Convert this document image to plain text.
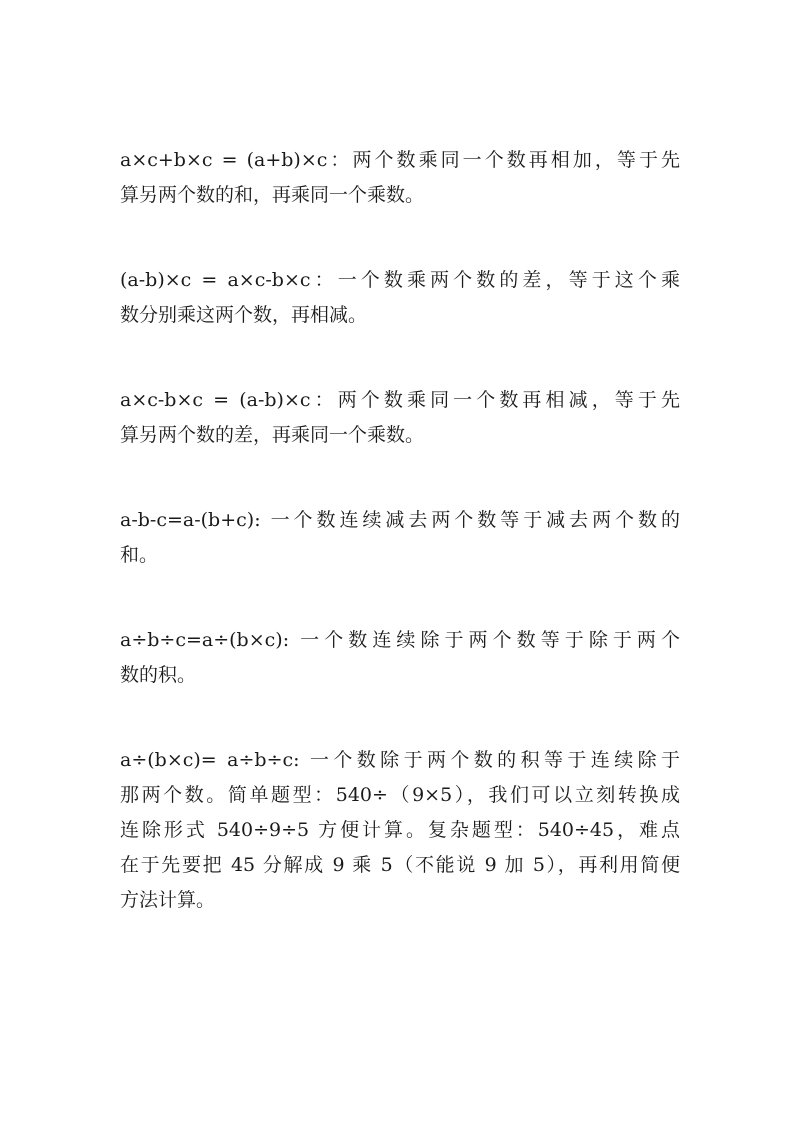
a×c+b×c = (a+b)×c：两个数乘同一个数再相加，等于先
算另两个数的和，再乘同一个乘数。

(a-b)×c = a×c-b×c：一个数乘两个数的差，等于这个乘
数分别乘这两个数，再相减。

a×c-b×c = (a-b)×c：两个数乘同一个数再相减，等于先
算另两个数的差，再乘同一个乘数。

a-b-c=a-(b+c): 一个数连续减去两个数等于减去两个数的
和。

a÷b÷c=a÷(b×c): 一个数连续除于两个数等于除于两个
数的积。

a÷(b×c)= a÷b÷c: 一个数除于两个数的积等于连续除于
那两个数。简单题型：540÷（9×5），我们可以立刻转换成
连除形式 540÷9÷5 方便计算。复杂题型：540÷45，难点
在于先要把 45 分解成 9 乘 5（不能说 9 加 5），再利用简便
方法计算。
